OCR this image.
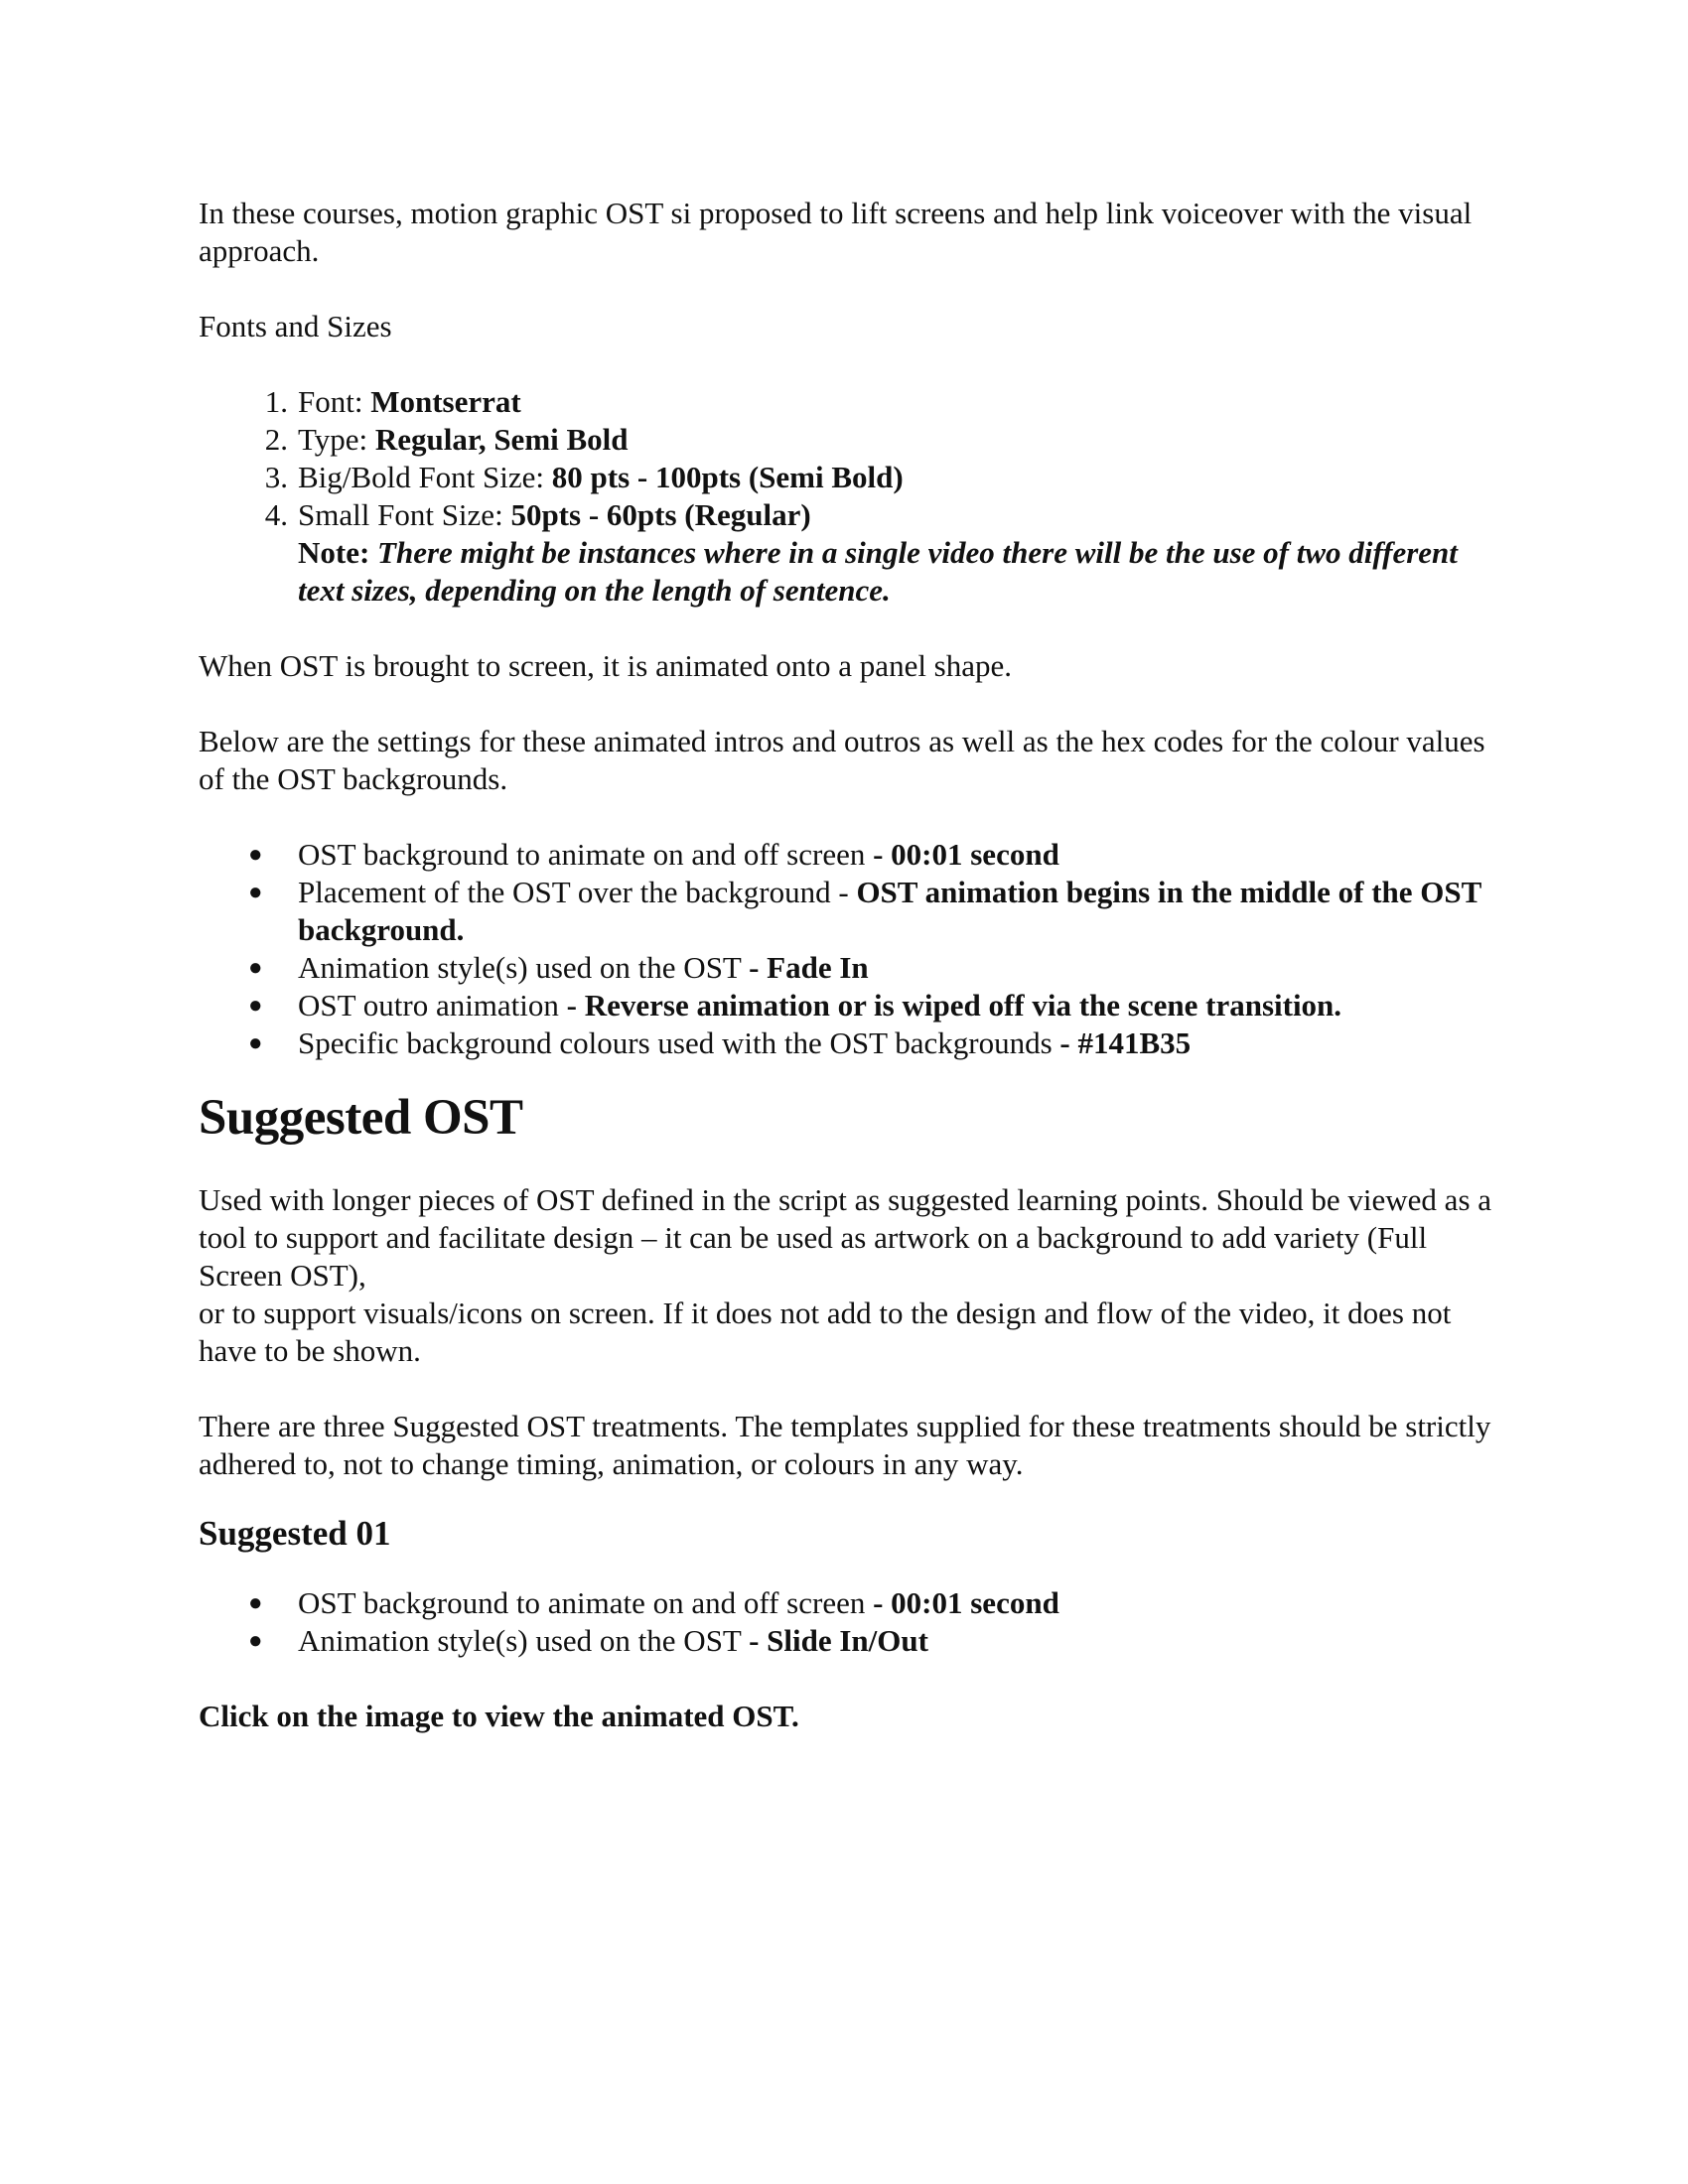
In these courses, motion graphic OST si proposed to lift screens and help link voiceover with the visual approach.

Fonts and Sizes

1. Font: Montserrat
2. Type: Regular, Semi Bold
3. Big/Bold Font Size: 80 pts - 100pts (Semi Bold)
4. Small Font Size: 50pts - 60pts (Regular)
Note: There might be instances where in a single video there will be the use of two different text sizes, depending on the length of sentence.

When OST is brought to screen, it is animated onto a panel shape.

Below are the settings for these animated intros and outros as well as the hex codes for the colour values of the OST backgrounds.

● OST background to animate on and off screen - 00:01 second
● Placement of the OST over the background - OST animation begins in the middle of the OST background.
● Animation style(s) used on the OST - Fade In
● OST outro animation - Reverse animation or is wiped off via the scene transition.
● Specific background colours used with the OST backgrounds - #141B35
Suggested OST

Used with longer pieces of OST defined in the script as suggested learning points. Should be viewed as a tool to support and facilitate design – it can be used as artwork on a background to add variety (Full Screen OST),

or to support visuals/icons on screen. If it does not add to the design and flow of the video, it does not have to be shown.

There are three Suggested OST treatments. The templates supplied for these treatments should be strictly adhered to, not to change timing, animation, or colours in any way.

Suggested 01
● OST background to animate on and off screen - 00:01 second
● Animation style(s) used on the OST - Slide In/Out

Click on the image to view the animated OST.
